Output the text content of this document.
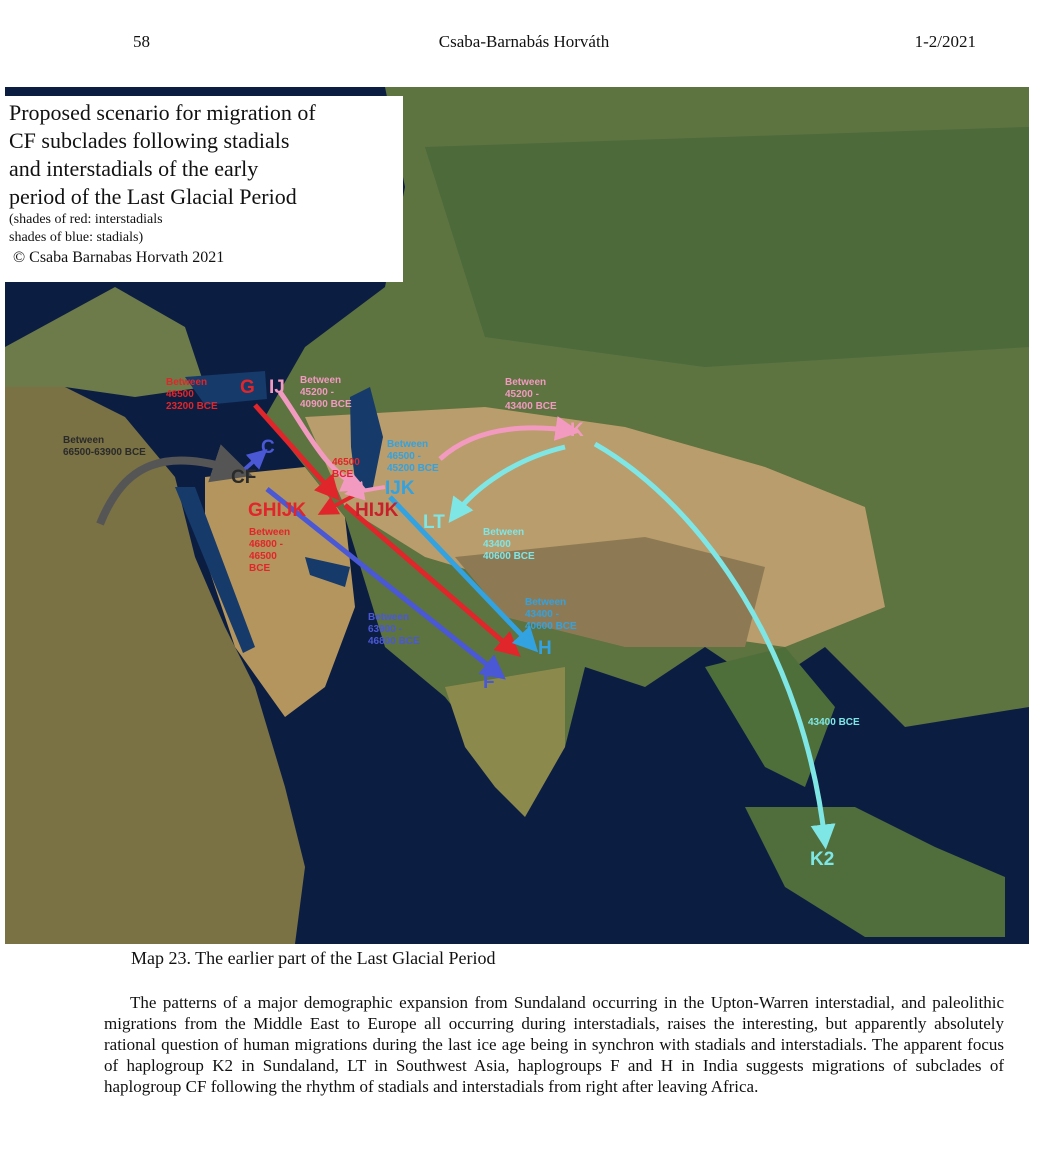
58	Csaba-Barnabás Horváth	1-2/2021
Proposed scenario for migration of
CF subclades following stadials
and interstadials of the early
period of the Last Glacial Period
(shades of red: interstadials
shades of blue: stadials)
© Csaba Barnabas Horvath 2021
G IJ
C
CF
GHIJK	HIJK
IJK
LT
K
H
F
K2
Between
46500
23200 BCE
Between
45200 -
40900 BCE
Between
66500-63900 BCE
46500
BCE
Between
46800 -
46500
BCE
Between
46500 -
45200 BCE
Between
45200 -
43400 BCE
Between
43400
40600 BCE
Between
43400 -
40600 BCE
Between
63900 -
46800 BCE
43400 BCE
Map 23. The earlier part of the Last Glacial Period

The patterns of a major demographic expansion from Sundaland occurring in the Upton-Warren interstadial, and paleolithic migrations from the Middle East to Europe all occurring during interstadials, raises the interesting, but apparently absolutely rational question of human migrations during the last ice age being in synchron with stadials and interstadials. The apparent focus of haplogroup K2 in Sundaland, LT in Southwest Asia, haplogroups F and H in India suggests migrations of subclades of haplogroup CF following the rhythm of stadials and interstadials from right after leaving Africa.
